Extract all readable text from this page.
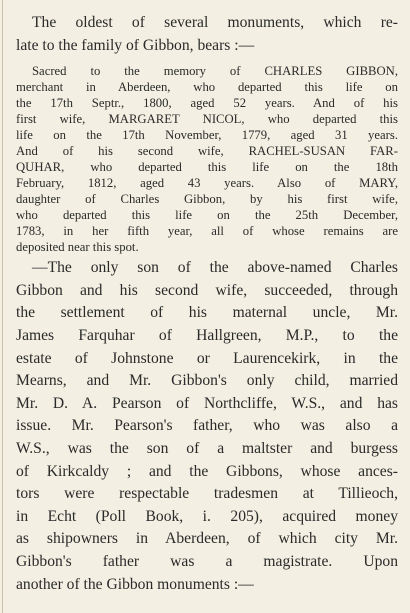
The oldest of several monuments, which re-
late to the family of Gibbon, bears :—
Sacred to the memory of CHARLES GIBBON,
merchant in Aberdeen, who departed this life on
the 17th Septr., 1800, aged 52 years. And of his
first wife, MARGARET NICOL, who departed this
life on the 17th November, 1779, aged 31 years.
And of his second wife, RACHEL-SUSAN FAR-
QUHAR, who departed this life on the 18th
February, 1812, aged 43 years. Also of MARY,
daughter of Charles Gibbon, by his first wife,
who departed this life on the 25th December,
1783, in her fifth year, all of whose remains are
deposited near this spot.
—The only son of the above-named Charles
Gibbon and his second wife, succeeded, through
the settlement of his maternal uncle, Mr.
James Farquhar of Hallgreen, M.P., to the
estate of Johnstone or Laurencekirk, in the
Mearns, and Mr. Gibbon's only child, married
Mr. D. A. Pearson of Northcliffe, W.S., and has
issue. Mr. Pearson's father, who was also a
W.S., was the son of a maltster and burgess
of Kirkcaldy ; and the Gibbons, whose ances-
tors were respectable tradesmen at Tillieoch,
in Echt (Poll Book, i. 205), acquired money
as shipowners in Aberdeen, of which city Mr.
Gibbon's father was a magistrate. Upon
another of the Gibbon monuments :—
